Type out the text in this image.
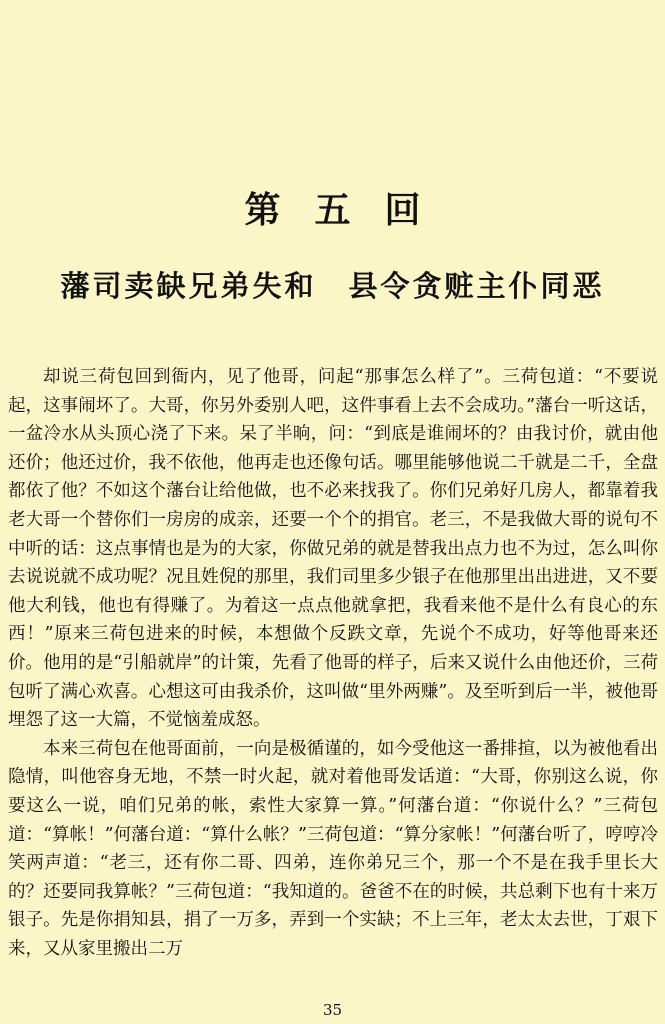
第五回
藩司卖缺兄弟失和　县令贪赃主仆同恶

却说三荷包回到衙内，见了他哥，问起“那事怎么样了”。三荷包道：“不要说起，这事闹坏了。大哥，你另外委别人吧，这件事看上去不会成功。”藩台一听这话，一盆冷水从头顶心浇了下来。呆了半晌，问：“到底是谁闹坏的？由我讨价，就由他还价；他还过价，我不依他，他再走也还像句话。哪里能够他说二千就是二千，全盘都依了他？不如这个藩台让给他做，也不必来找我了。你们兄弟好几房人，都靠着我老大哥一个替你们一房房的成亲，还要一个个的捐官。老三，不是我做大哥的说句不中听的话：这点事情也是为的大家，你做兄弟的就是替我出点力也不为过，怎么叫你去说说就不成功呢？况且姓倪的那里，我们司里多少银子在他那里出出进进，又不要他大利钱，他也有得赚了。为着这一点点他就拿把，我看来他不是什么有良心的东西！”原来三荷包进来的时候，本想做个反跌文章，先说个不成功，好等他哥来还价。他用的是“引船就岸”的计策，先看了他哥的样子，后来又说什么由他还价，三荷包听了满心欢喜。心想这可由我杀价，这叫做“里外两赚”。及至听到后一半，被他哥埋怨了这一大篇，不觉恼羞成怒。

本来三荷包在他哥面前，一向是极循谨的，如今受他这一番排揎，以为被他看出隐情，叫他容身无地，不禁一时火起，就对着他哥发话道：“大哥，你别这么说，你要这么一说，咱们兄弟的帐，索性大家算一算。”何藩台道：“你说什么？”三荷包道：“算帐！”何藩台道：“算什么帐？”三荷包道：“算分家帐！”何藩台听了，哼哼冷笑两声道：“老三，还有你二哥、四弟，连你弟兄三个，那一个不是在我手里长大的？还要同我算帐？”三荷包道：“我知道的。爸爸不在的时候，共总剩下也有十来万银子。先是你捐知县，捐了一万多，弄到一个实缺；不上三年，老太太去世，丁艰下来，又从家里搬出二万

35
